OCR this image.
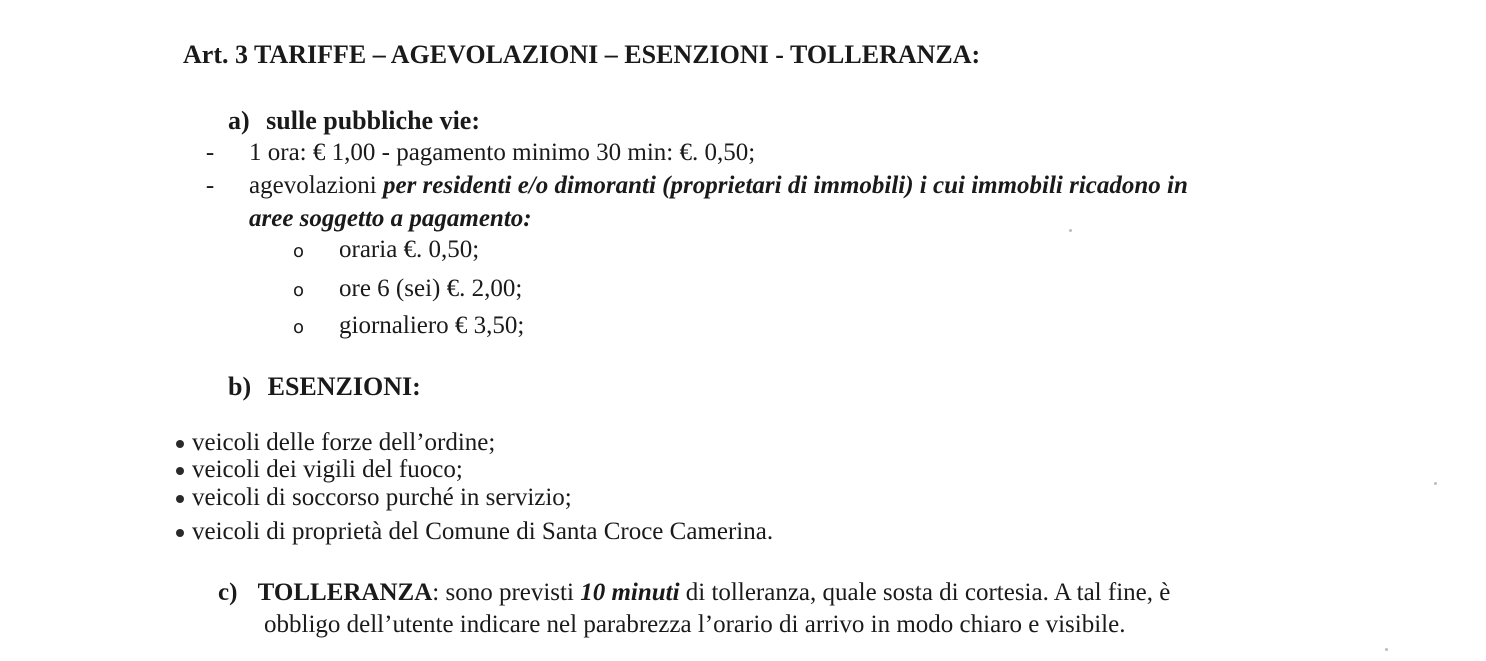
Art. 3 TARIFFE – AGEVOLAZIONI – ESENZIONI - TOLLERANZA:
a) sulle pubbliche vie:
- 1 ora: € 1,00 - pagamento minimo 30 min: €. 0,50;
- agevolazioni per residenti e/o dimoranti (proprietari di immobili) i cui immobili ricadono in
aree soggetto a pagamento:
o oraria €. 0,50;
o ore 6 (sei) €. 2,00;
o giornaliero € 3,50;
b) ESENZIONI:
veicoli delle forze dell’ordine;
veicoli dei vigili del fuoco;
veicoli di soccorso purché in servizio;
veicoli di proprietà del Comune di Santa Croce Camerina.
c) TOLLERANZA: sono previsti 10 minuti di tolleranza, quale sosta di cortesia. A tal fine, è
obbligo dell’utente indicare nel parabrezza l’orario di arrivo in modo chiaro e visibile.
